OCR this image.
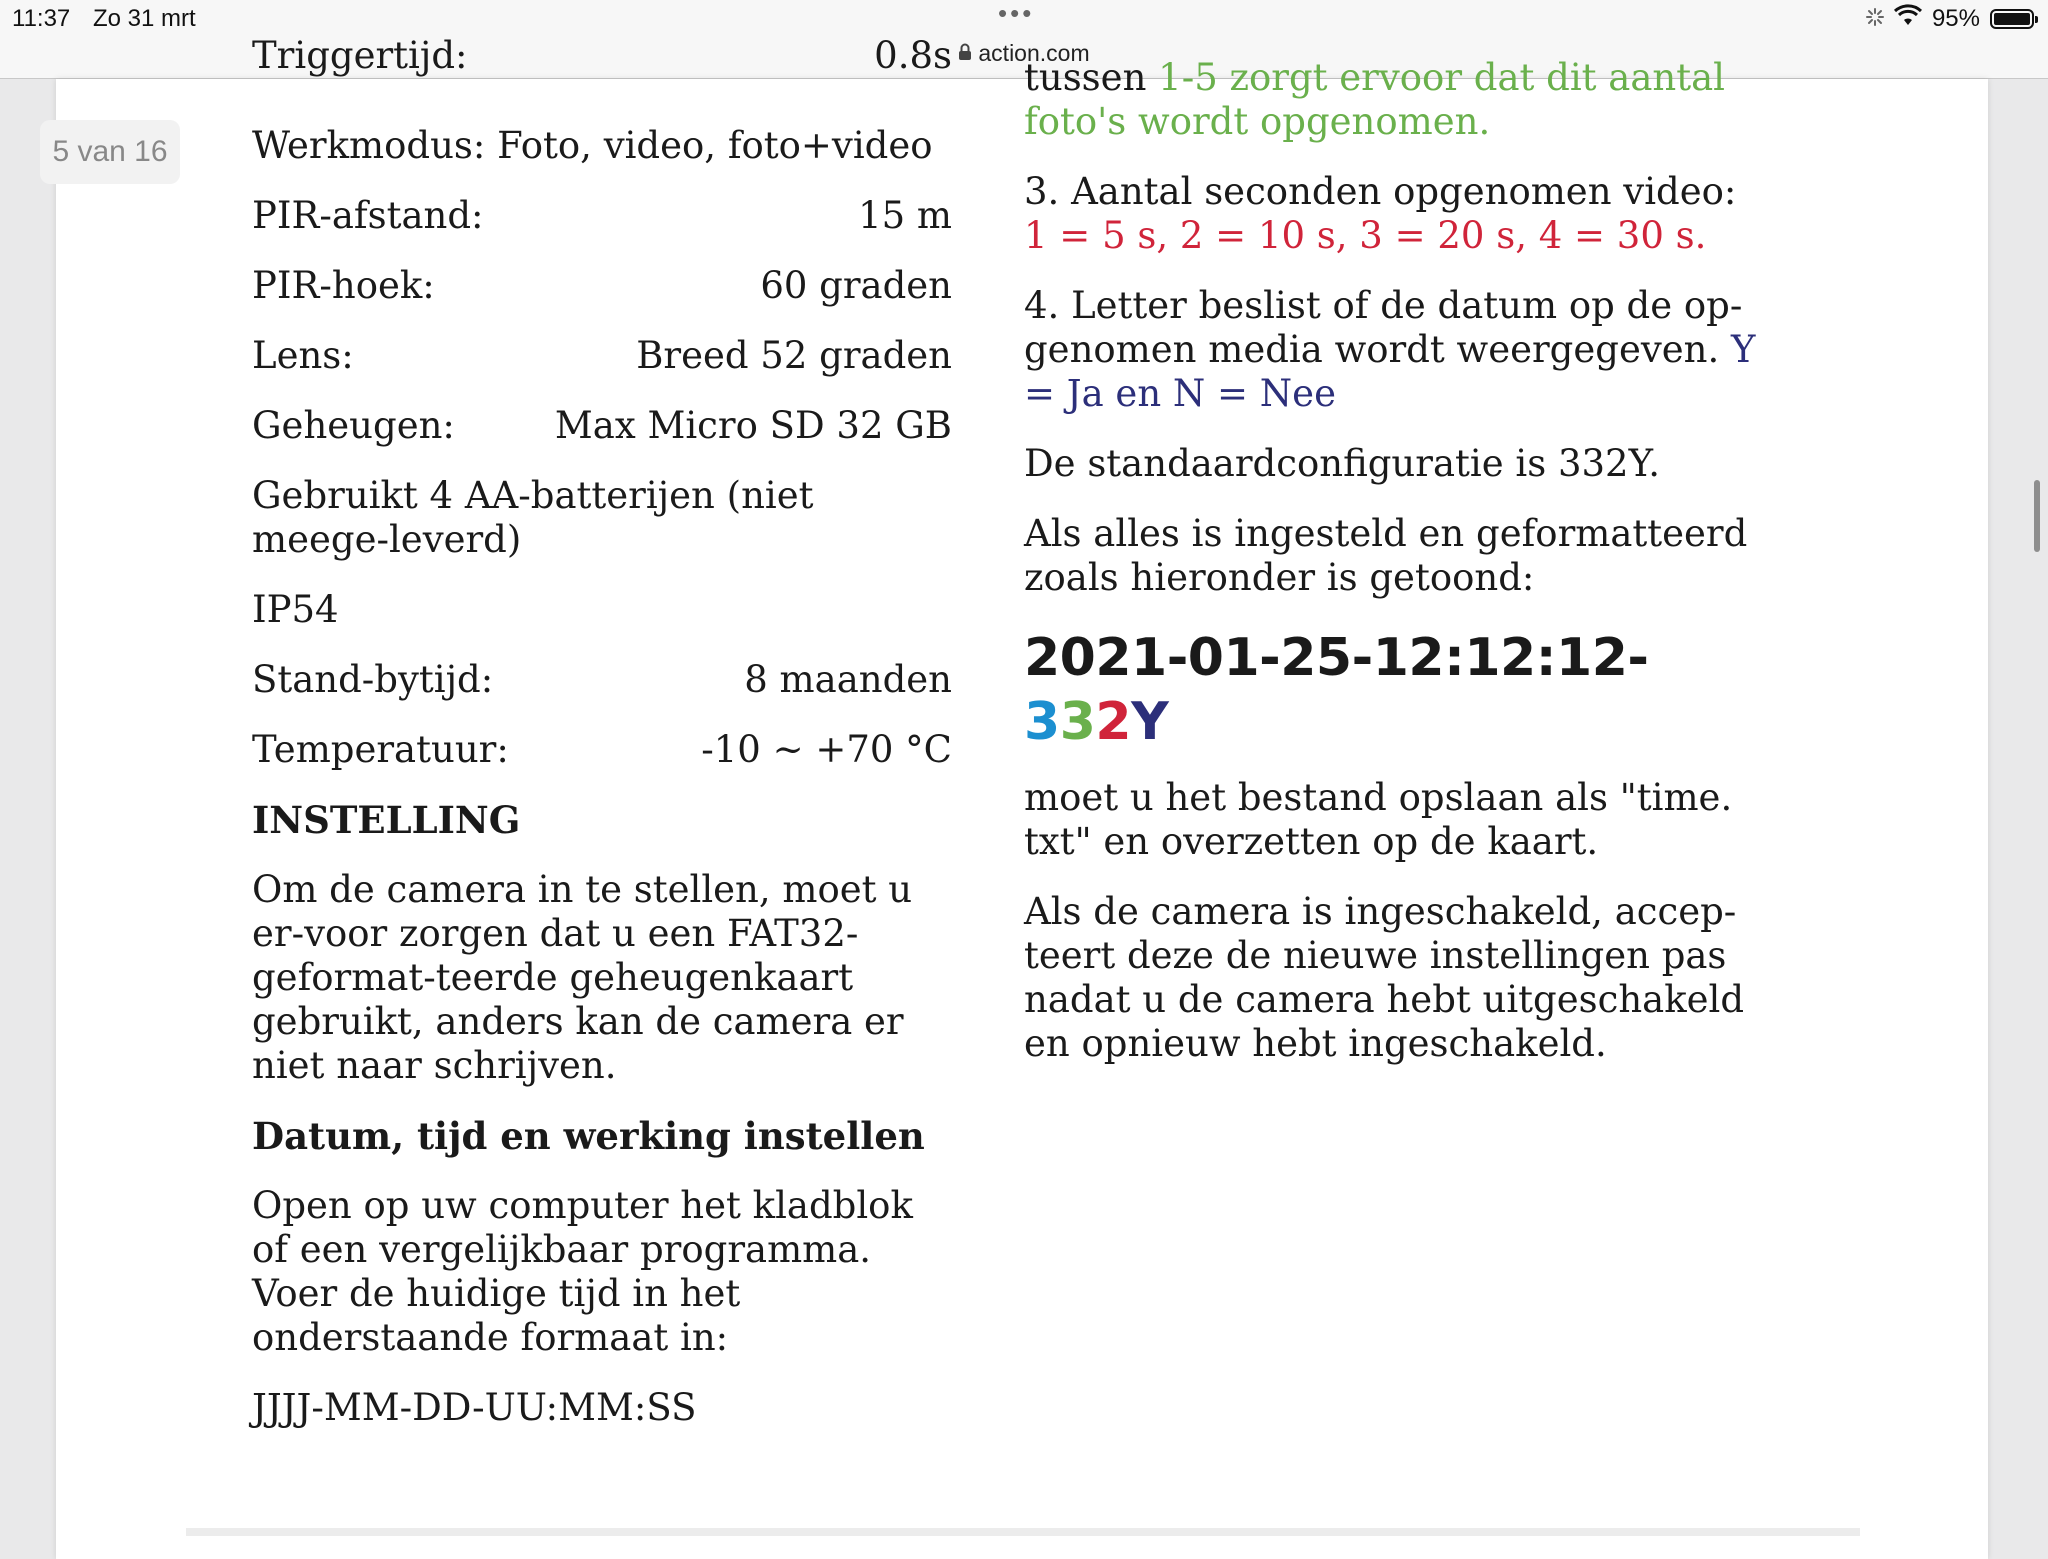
11:37 Zo 31 mrt	•••	95%
action.com
5 van 16
Triggertijd:	0.8s
Werkmodus: Foto, video, foto+video
PIR-afstand:	15 m
PIR-hoek:	60 graden
Lens:	Breed 52 graden
Geheugen:	Max Micro SD 32 GB
Gebruikt 4 AA-batterijen (niet meege-leverd)
IP54
Stand-bytijd:	8 maanden
Temperatuur:	-10 ~ +70 °C
INSTELLING
Om de camera in te stellen, moet u er-voor zorgen dat u een FAT32-geformat-teerde geheugenkaart gebruikt, anders kan de camera er niet naar schrijven.
Datum, tijd en werking instellen
Open op uw computer het kladblok of een vergelijkbaar programma. Voer de huidige tijd in het onderstaande formaat in:
JJJJ-MM-DD-UU:MM:SS
tussen 1-5 zorgt ervoor dat dit aantal foto's wordt opgenomen.
3. Aantal seconden opgenomen video:
1 = 5 s, 2 = 10 s, 3 = 20 s, 4 = 30 s.
4. Letter beslist of de datum op de op-genomen media wordt weergegeven. Y = Ja en N = Nee
De standaardconfiguratie is 332Y.
Als alles is ingesteld en geformatteerd zoals hieronder is getoond:
2021-01-25-12:12:12-332Y
moet u het bestand opslaan als "time. txt" en overzetten op de kaart.
Als de camera is ingeschakeld, accep-teert deze de nieuwe instellingen pas nadat u de camera hebt uitgeschakeld en opnieuw hebt ingeschakeld.
